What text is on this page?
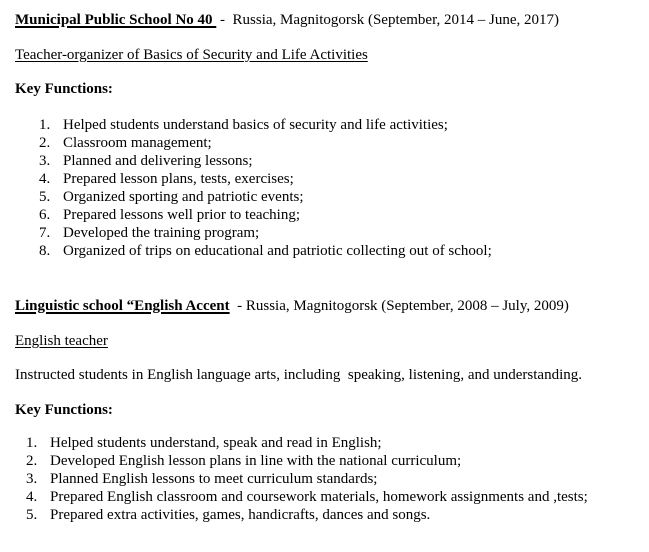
Municipal Public School No 40  -  Russia, Magnitogorsk (September, 2014 – June, 2017)
Teacher-organizer of Basics of Security and Life Activities
Key Functions:
1. Helped students understand basics of security and life activities;
2. Classroom management;
3. Planned and delivering lessons;
4. Prepared lesson plans, tests, exercises;
5. Organized sporting and patriotic events;
6. Prepared lessons well prior to teaching;
7. Developed the training program;
8. Organized of trips on educational and patriotic collecting out of school;
Linguistic school “English Accent  - Russia, Magnitogorsk (September, 2008 – July, 2009)
English teacher
Instructed students in English language arts, including  speaking, listening, and understanding.
Key Functions:
1. Helped students understand, speak and read in English;
2. Developed English lesson plans in line with the national curriculum;
3. Planned English lessons to meet curriculum standards;
4. Prepared English classroom and coursework materials, homework assignments and ,tests;
5. Prepared extra activities, games, handicrafts, dances and songs.
